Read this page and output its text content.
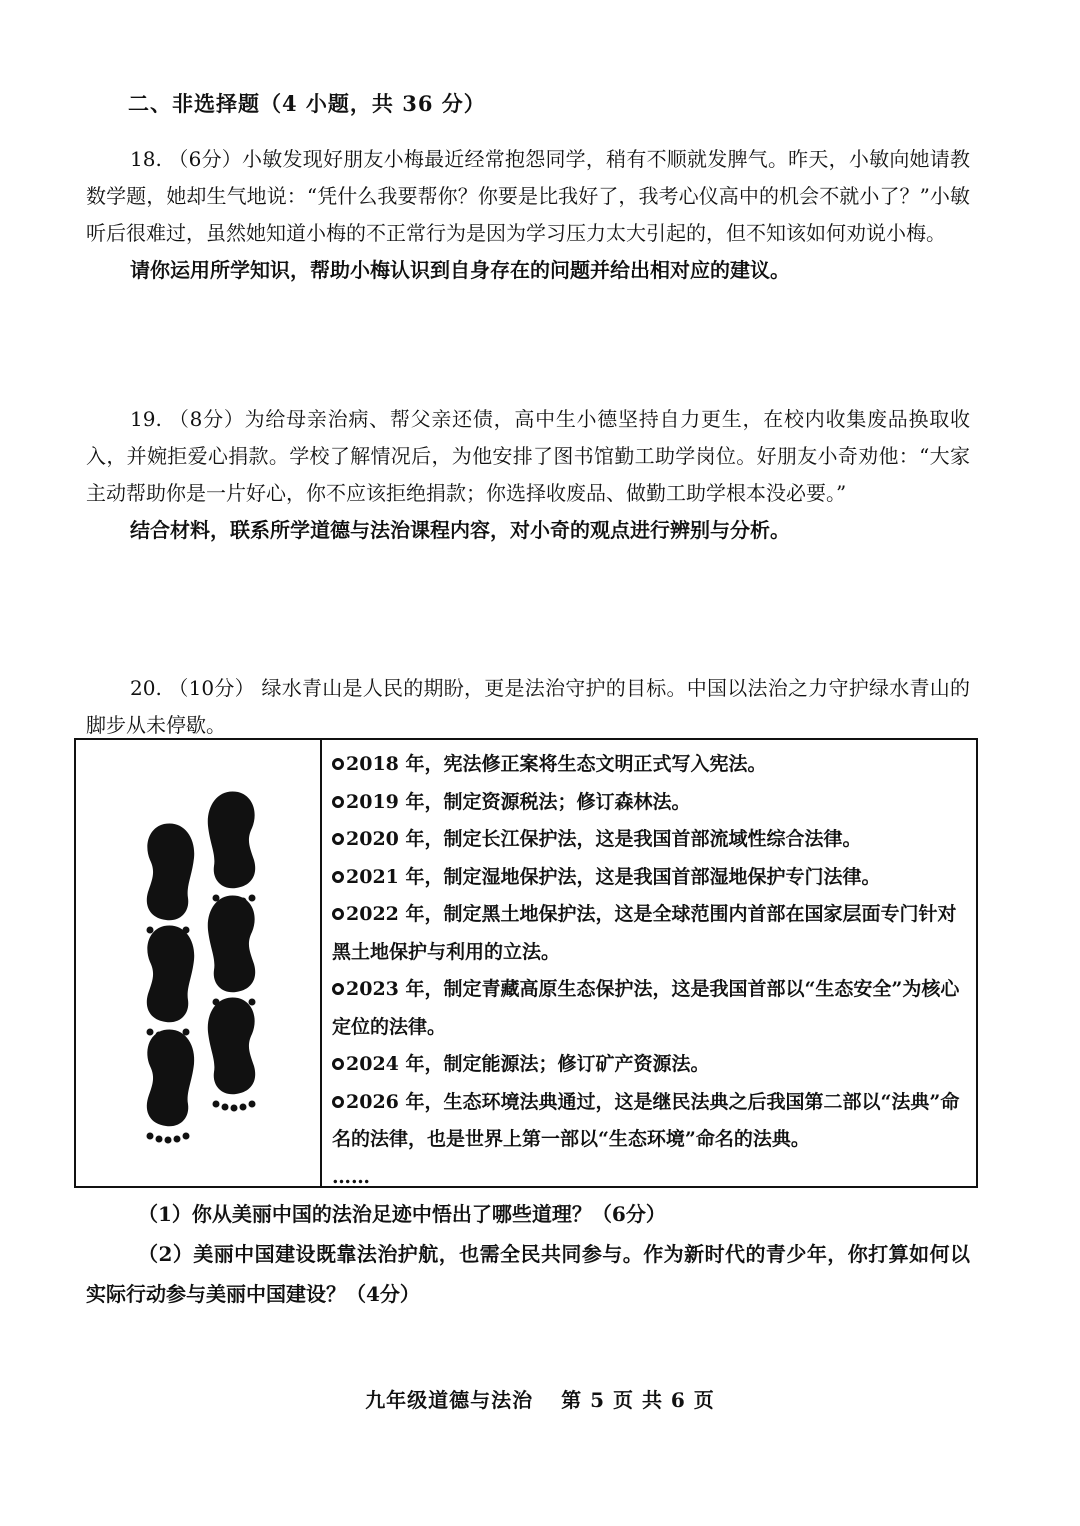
二、非选择题（4 小题，共 36 分）

18. （6分）小敏发现好朋友小梅最近经常抱怨同学，稍有不顺就发脾气。昨天，小敏向她请教数学题，她却生气地说：“凭什么我要帮你？你要是比我好了，我考心仪高中的机会不就小了？”小敏听后很难过，虽然她知道小梅的不正常行为是因为学习压力太大引起的，但不知该如何劝说小梅。

请你运用所学知识，帮助小梅认识到自身存在的问题并给出相对应的建议。

19. （8分）为给母亲治病、帮父亲还债，高中生小德坚持自力更生，在校内收集废品换取收入，并婉拒爱心捐款。学校了解情况后，为他安排了图书馆勤工助学岗位。好朋友小奇劝他：“大家主动帮助你是一片好心，你不应该拒绝捐款；你选择收废品、做勤工助学根本没必要。”

结合材料，联系所学道德与法治课程内容，对小奇的观点进行辨别与分析。

20. （10分） 绿水青山是人民的期盼，更是法治守护的目标。中国以法治之力守护绿水青山的脚步从未停歇。

2018 年，宪法修正案将生态文明正式写入宪法。
2019 年，制定资源税法；修订森林法。
2020 年，制定长江保护法，这是我国首部流域性综合法律。
2021 年，制定湿地保护法，这是我国首部湿地保护专门法律。
2022 年，制定黑土地保护法，这是全球范围内首部在国家层面专门针对黑土地保护与利用的立法。
2023 年，制定青藏高原生态保护法，这是我国首部以“生态安全”为核心定位的法律。
2024 年，制定能源法；修订矿产资源法。
2026 年，生态环境法典通过，这是继民法典之后我国第二部以“法典”命名的法律，也是世界上第一部以“生态环境”命名的法典。
……
（1）你从美丽中国的法治足迹中悟出了哪些道理？（6分）
（2）美丽中国建设既靠法治护航，也需全民共同参与。作为新时代的青少年，你打算如何以实际行动参与美丽中国建设？（4分）
九年级道德与法治 第 5 页 共 6 页
